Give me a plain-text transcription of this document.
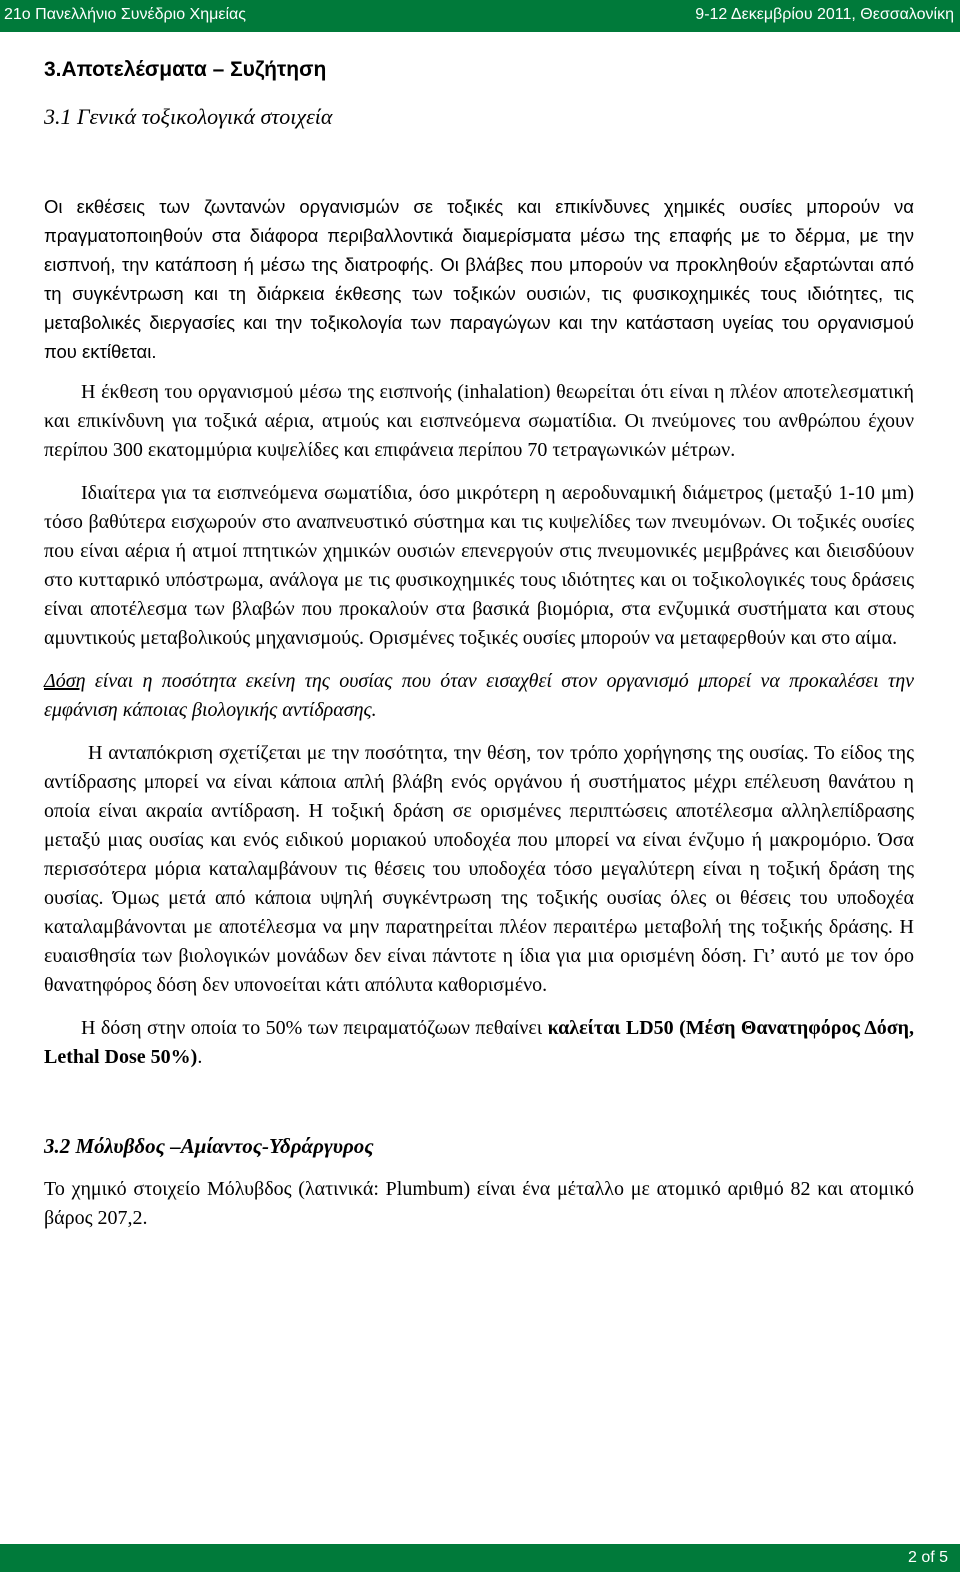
21ο Πανελλήνιο Συνέδριο Χημείας	9-12 Δεκεμβρίου 2011, Θεσσαλονίκη
3.Αποτελέσματα – Συζήτηση
3.1 Γενικά τοξικολογικά στοιχεία

Οι εκθέσεις των ζωντανών οργανισμών σε τοξικές και επικίνδυνες χημικές ουσίες μπορούν να πραγματοποιηθούν στα διάφορα περιβαλλοντικά διαμερίσματα μέσω της επαφής με το δέρμα, με την εισπνοή, την κατάποση ή μέσω της διατροφής. Οι βλάβες που μπορούν να προκληθούν εξαρτώνται από τη συγκέντρωση και τη διάρκεια έκθεσης των τοξικών ουσιών, τις φυσικοχημικές τους ιδιότητες, τις μεταβολικές διεργασίες και την τοξικολογία των παραγώγων και την κατάσταση υγείας του οργανισμού που εκτίθεται.

Η έκθεση του οργανισμού μέσω της εισπνοής (inhalation) θεωρείται ότι είναι η πλέον αποτελεσματική και επικίνδυνη για τοξικά αέρια, ατμούς και εισπνεόμενα σωματίδια. Οι πνεύμονες του ανθρώπου έχουν περίπου 300 εκατομμύρια κυψελίδες και επιφάνεια περίπου 70 τετραγωνικών μέτρων.

Ιδιαίτερα για τα εισπνεόμενα σωματίδια, όσο μικρότερη η αεροδυναμική διάμετρος (μεταξύ 1-10 μm) τόσο βαθύτερα εισχωρούν στο αναπνευστικό σύστημα και τις κυψελίδες των πνευμόνων. Οι τοξικές ουσίες που είναι αέρια ή ατμοί πτητικών χημικών ουσιών επενεργούν στις πνευμονικές μεμβράνες και διεισδύουν στο κυτταρικό υπόστρωμα, ανάλογα με τις φυσικοχημικές τους ιδιότητες και οι τοξικολογικές τους δράσεις είναι αποτέλεσμα των βλαβών που προκαλούν στα βασικά βιομόρια, στα ενζυμικά συστήματα και στους αμυντικούς μεταβολικούς μηχανισμούς. Ορισμένες τοξικές ουσίες μπορούν να μεταφερθούν και στο αίμα.

Δόση είναι η ποσότητα εκείνη της ουσίας που όταν εισαχθεί στον οργανισμό μπορεί να προκαλέσει την εμφάνιση κάποιας βιολογικής αντίδρασης.

Η ανταπόκριση σχετίζεται με την ποσότητα, την θέση, τον τρόπο χορήγησης της ουσίας. Το είδος της αντίδρασης μπορεί να είναι κάποια απλή βλάβη ενός οργάνου ή συστήματος μέχρι επέλευση θανάτου η οποία είναι ακραία αντίδραση. Η τοξική δράση σε ορισμένες περιπτώσεις αποτέλεσμα αλληλεπίδρασης μεταξύ μιας ουσίας και ενός ειδικού μοριακού υποδοχέα που μπορεί να είναι ένζυμο ή μακρομόριο. Όσα περισσότερα μόρια καταλαμβάνουν τις θέσεις του υποδοχέα τόσο μεγαλύτερη είναι η τοξική δράση της ουσίας. Όμως μετά από κάποια υψηλή συγκέντρωση της τοξικής ουσίας όλες οι θέσεις του υποδοχέα καταλαμβάνονται με αποτέλεσμα να μην παρατηρείται πλέον περαιτέρω μεταβολή της τοξικής δράσης. Η ευαισθησία των βιολογικών μονάδων δεν είναι πάντοτε η ίδια για μια ορισμένη δόση. Γι’ αυτό με τον όρο θανατηφόρος δόση δεν υπονοείται κάτι απόλυτα καθορισμένο.

Η δόση στην οποία το 50% των πειραματόζωων πεθαίνει καλείται LD50 (Μέση Θανατηφόρος Δόση, Lethal Dose 50%).

3.2 Μόλυβδος –Αμίαντος-Υδράργυρος

Το χημικό στοιχείο Μόλυβδος (λατινικά: Plumbum) είναι ένα μέταλλο με ατομικό αριθμό 82 και ατομικό βάρος 207,2.

2 of 5
